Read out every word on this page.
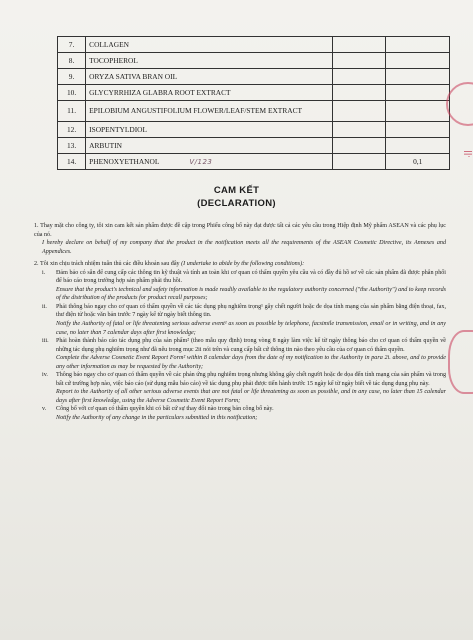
7.	COLLAGEN		
8.	TOCOPHEROL		
9.	ORYZA SATIVA BRAN OIL		
10.	GLYCYRRHIZA GLABRA ROOT EXTRACT		
11.	EPILOBIUM ANGUSTIFOLIUM FLOWER/LEAF/STEM EXTRACT		
12.	ISOPENTYLDIOL		
13.	ARBUTIN		
14.	PHENOXYETHANOL V/123		0,1
CAM KẾT
(DECLARATION)

1. Thay mặt cho công ty, tôi xin cam kết sản phẩm được đề cập trong Phiếu công bố này đạt được tất cả các yêu cầu trong Hiệp định Mỹ phẩm ASEAN và các phụ lục của nó.

I hereby declare on behalf of my company that the product in the notification meets all the requirements of the ASEAN Cosmetic Directive, its Annexes and Appendices.

2. Tôi xin chịu trách nhiệm tuân thủ các điều khoản sau đây (I undertake to abide by the following conditions):

i. Đảm bảo có sẵn để cung cấp các thông tin kỹ thuật và tính an toàn khi cơ quan có thẩm quyền yêu cầu và có đầy đủ hồ sơ về các sản phẩm đã được phân phối để báo cáo trong trường hợp sản phẩm phải thu hồi.

Ensure that the product's technical and safety information is made readily available to the regulatory authority concerned ("the Authority") and to keep records of the distribution of the products for product recall purposes;

ii. Phải thông báo ngay cho cơ quan có thẩm quyền về các tác dụng phụ nghiêm trọng¹ gây chết người hoặc đe dọa tính mạng của sản phẩm bằng điện thoại, fax, thư điện tử hoặc văn bản trước 7 ngày kể từ ngày biết thông tin.

Notify the Authority of fatal or life threatening serious adverse event¹ as soon as possible by telephone, facsimile transmission, email or in writing, and in any case, no later than 7 calendar days after first knowledge;

iii. Phải hoàn thành báo cáo tác dụng phụ của sản phẩm² (theo mẫu quy định) trong vòng 8 ngày làm việc kể từ ngày thông báo cho cơ quan có thẩm quyền về những tác dụng phụ nghiêm trọng như đã nêu trong mục 2ii nói trên và cung cấp bất cứ thông tin nào theo yêu cầu của cơ quan có thẩm quyền.

Complete the Adverse Cosmetic Event Report Form² within 8 calendar days from the date of my notification to the Authority in para 2i. above, and to provide any other information as may be requested by the Authority;

iv. Thông báo ngay cho cơ quan có thẩm quyền về các phản ứng phụ nghiêm trọng nhưng không gây chết người hoặc đe dọa đến tính mạng của sản phẩm và trong bất cứ trường hợp nào, việc báo cáo (sử dụng mẫu báo cáo) về tác dụng phụ phải được tiến hành trước 15 ngày kể từ ngày biết về tác dụng dụng phụ này.

Report to the Authority of all other serious adverse events that are not fatal or life threatening as soon as possible, and in any case, no later than 15 calendar days after first knowledge, using the Adverse Cosmetic Event Report Form;

v. Công bố với cơ quan có thẩm quyền khi có bất cứ sự thay đổi nào trong bản công bố này.

Notify the Authority of any change in the particulars submitted in this notification;

||·
